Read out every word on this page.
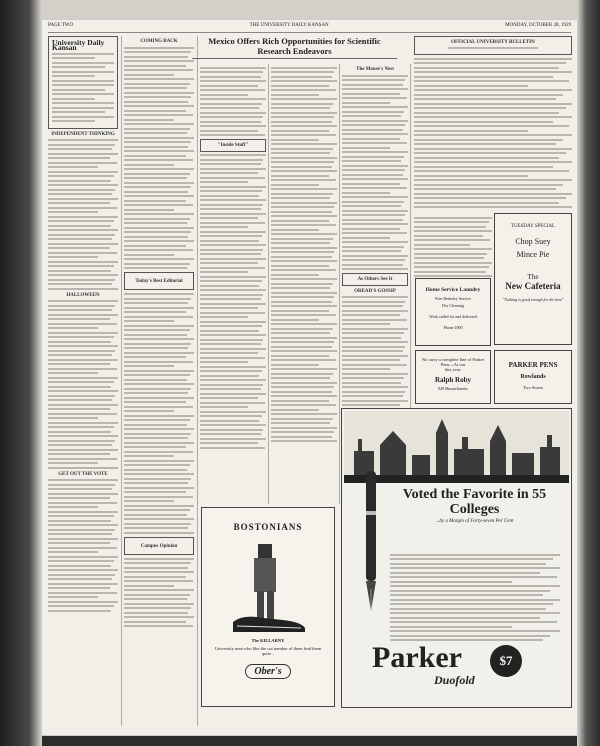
PAGE TWO	THE UNIVERSITY DAILY KANSAN	MONDAY, OCTOBER 28, 1929
University Daily Kansan
INDEPENDENT THINKING
HALLOWEEN
GET OUT THE VOTE
COMING BACK
Today's Best Editorial
Campus Opinion
Mexico Offers Rich Opportunities for Scientific Research Endeavors
"Inside Stuff"
The Mouse's Nest
As Others See It
OREAD'S GOSSIP
OFFICIAL UNIVERSITY BULLETIN
TUESDAY SPECIAL
Chop Suey
Mince Pie
The
New Cafeteria
"Nothing is good enough for the best"
Home Service Laundry
Free Berkeley Service
Dry Cleaning
Work called for and delivered
Phone 1800
No carry a complete line of Parker Pens—At our
this year.
Ralph Roby
928 Massachusetts
PARKER PENS
Rowlands
Two Stores
BOSTONIANS
The KILLARNY
University men who like the cut number of them find them quite...
Ober's
Voted the Favorite in 55 Colleges
...by a Margin of Forty-seven Per Cent
Parker
Duofold
$7
